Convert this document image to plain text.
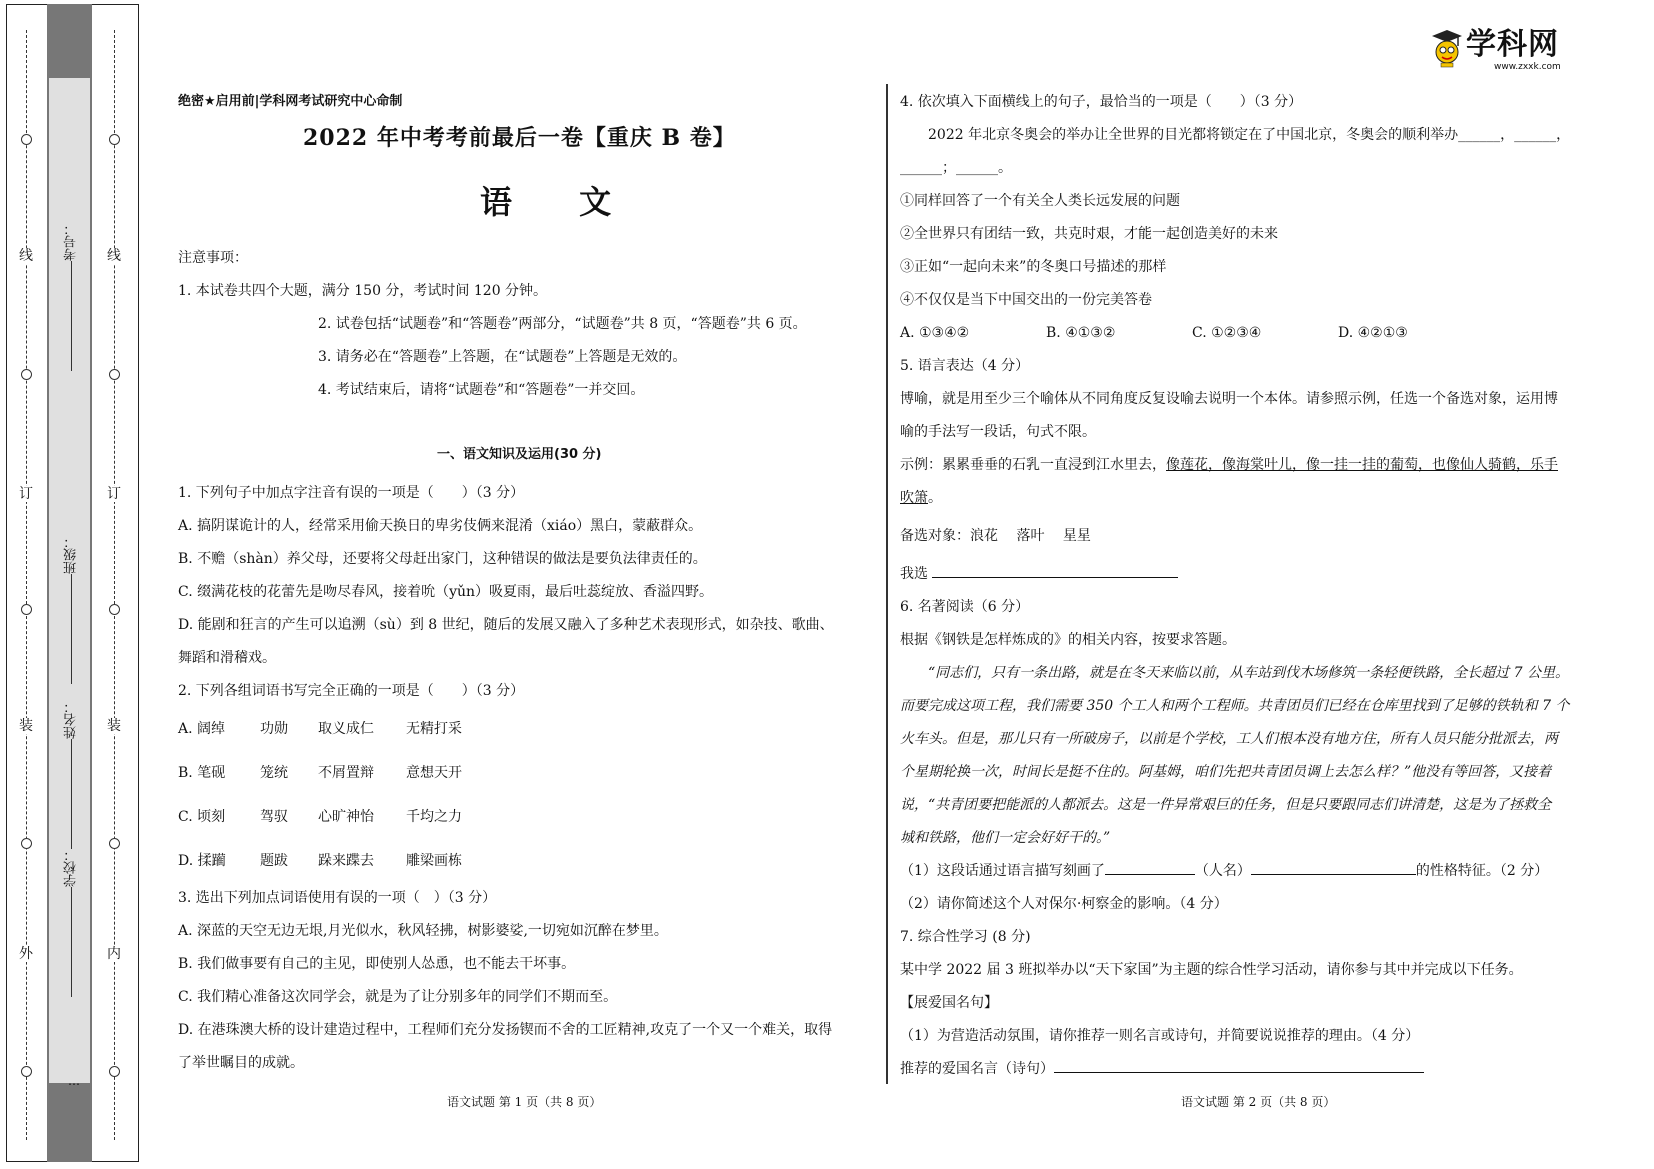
线
订
装
外
线
订
装
内
考号：
班级：
姓名：
学校：
…
学科网
www.zxxk.com
绝密★启用前|学科网考试研究中心命制
2022 年中考考前最后一卷【重庆 B 卷】
语 文
注意事项：
1. 本试卷共四个大题，满分 150 分，考试时间 120 分钟。
2. 试卷包括“试题卷”和“答题卷”两部分，“试题卷”共 8 页，“答题卷”共 6 页。
3. 请务必在“答题卷”上答题，在“试题卷”上答题是无效的。
4. 考试结束后，请将“试题卷”和“答题卷”一并交回。
一、语文知识及运用(30 分)
1. 下列句子中加点字注音有误的一项是（　　）（3 分）
A. 搞阴谋诡计的人，经常采用偷天换日的卑劣伎俩来混淆（xiáo）黑白，蒙蔽群众。
B. 不赡（shàn）养父母，还要将父母赶出家门，这种错误的做法是要负法律责任的。
C. 缀满花枝的花蕾先是吻尽春风，接着吮（yǔn）吸夏雨，最后吐蕊绽放、香溢四野。
D. 能剧和狂言的产生可以追溯（sù）到 8 世纪，随后的发展又融入了多种艺术表现形式，如杂技、歌曲、
舞蹈和滑稽戏。
2. 下列各组词语书写完全正确的一项是（　　）（3 分）
A. 阔绰 功勋 取义成仁 无精打采
B. 笔砚 笼统 不屑置辩 意想天开
C. 顷刻 驾驭 心旷神怡 千均之力
D. 揉躏 题跋 跺来蹀去 雕梁画栋
3. 选出下列加点词语使用有误的一项（　）（3 分）
A. 深蓝的天空无边无垠,月光似水，秋风轻拂，树影婆娑,一切宛如沉醉在梦里。
B. 我们做事要有自己的主见，即使别人怂恿，也不能去干坏事。
C. 我们精心准备这次同学会，就是为了让分别多年的同学们不期而至。
D. 在港珠澳大桥的设计建造过程中，工程师们充分发扬锲而不舍的工匠精神,攻克了一个又一个难关，取得
了举世瞩目的成就。
4. 依次填入下面横线上的句子，最恰当的一项是（　　）（3 分）
2022 年北京冬奥会的举办让全世界的目光都将锁定在了中国北京，冬奥会的顺利举办______，______，
______；______。
①同样回答了一个有关全人类长远发展的问题
②全世界只有团结一致，共克时艰，才能一起创造美好的未来
③正如“一起向未来”的冬奥口号描述的那样
④不仅仅是当下中国交出的一份完美答卷
A. ①③④②	B. ④①③②	C. ①②③④	D. ④②①③
5. 语言表达（4 分）
博喻，就是用至少三个喻体从不同角度反复设喻去说明一个本体。请参照示例，任选一个备选对象，运用博
喻的手法写一段话，句式不限。
示例：累累垂垂的石乳一直浸到江水里去，像莲花，像海棠叶儿，像一挂一挂的葡萄，也像仙人骑鹤，乐手
吹箫。
备选对象：浪花　 落叶　 星星
我选
6. 名著阅读（6 分）
根据《钢铁是怎样炼成的》的相关内容，按要求答题。
“同志们，只有一条出路，就是在冬天来临以前，从车站到伐木场修筑一条轻便铁路，全长超过 7 公里。
而要完成这项工程，我们需要 350 个工人和两个工程师。共青团员们已经在仓库里找到了足够的铁轨和 7 个
火车头。但是，那儿只有一所破房子，以前是个学校，工人们根本没有地方住，所有人员只能分批派去，两
个星期轮换一次，时间长是挺不住的。阿基姆，咱们先把共青团员调上去怎么样？”他没有等回答，又接着
说，“共青团要把能派的人都派去。这是一件异常艰巨的任务，但是只要跟同志们讲清楚，这是为了拯救全
城和铁路，他们一定会好好干的。”
（1）这段话通过语言描写刻画了	（人名）	的性格特征。（2 分）
（2）请你简述这个人对保尔·柯察金的影响。（4 分）
7. 综合性学习 (8 分)
某中学 2022 届 3 班拟举办以“天下家国”为主题的综合性学习活动，请你参与其中并完成以下任务。
【展爱国名句】
（1）为营造活动氛围，请你推荐一则名言或诗句，并简要说说推荐的理由。（4 分）
推荐的爱国名言（诗句）
语文试题 第 1 页（共 8 页）	语文试题 第 2 页（共 8 页）
